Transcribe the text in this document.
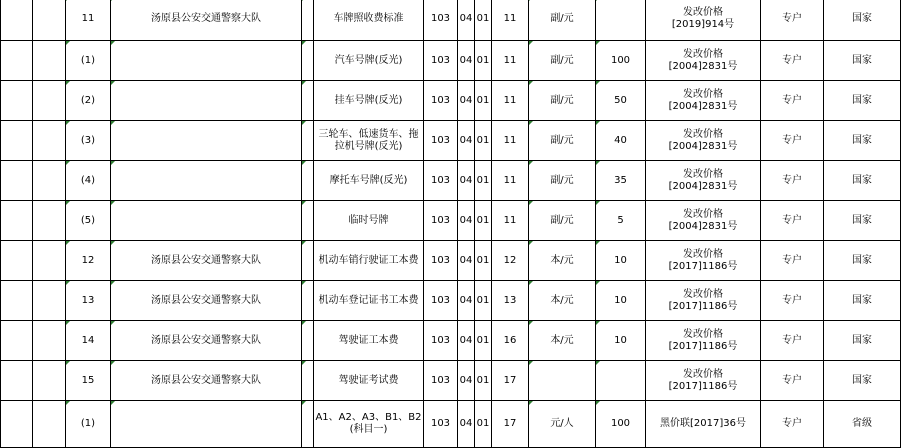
		11	汤原县公安交通警察大队		车牌照收费标准	103	04	01	11	副/元		发改价格
[2019]914号	专户	国家	
		(1)			汽车号牌(反光)	103	04	01	11	副/元	100	发改价格
[2004]2831号	专户	国家	
		(2)			挂车号牌(反光)	103	04	01	11	副/元	50	发改价格
[2004]2831号	专户	国家	
		(3)			三轮车、低速货车、拖拉机号牌(反光)	103	04	01	11	副/元	40	发改价格
[2004]2831号	专户	国家	
		(4)			摩托车号牌(反光)	103	04	01	11	副/元	35	发改价格
[2004]2831号	专户	国家	
		(5)			临时号牌	103	04	01	11	副/元	5	发改价格
[2004]2831号	专户	国家	
		12	汤原县公安交通警察大队		机动车销行驶证工本费	103	04	01	12	本/元	10	发改价格
[2017]1186号	专户	国家	
		13	汤原县公安交通警察大队		机动车登记证书工本费	103	04	01	13	本/元	10	发改价格
[2017]1186号	专户	国家	
		14	汤原县公安交通警察大队		驾驶证工本费	103	04	01	16	本/元	10	发改价格
[2017]1186号	专户	国家	
		15	汤原县公安交通警察大队		驾驶证考试费	103	04	01	17			发改价格
[2017]1186号	专户	国家	
		(1)			A1、A2、A3、B1、B2
(科目一)	103	04	01	17	元/人	100	黑价联[2017]36号	专户	省级	
